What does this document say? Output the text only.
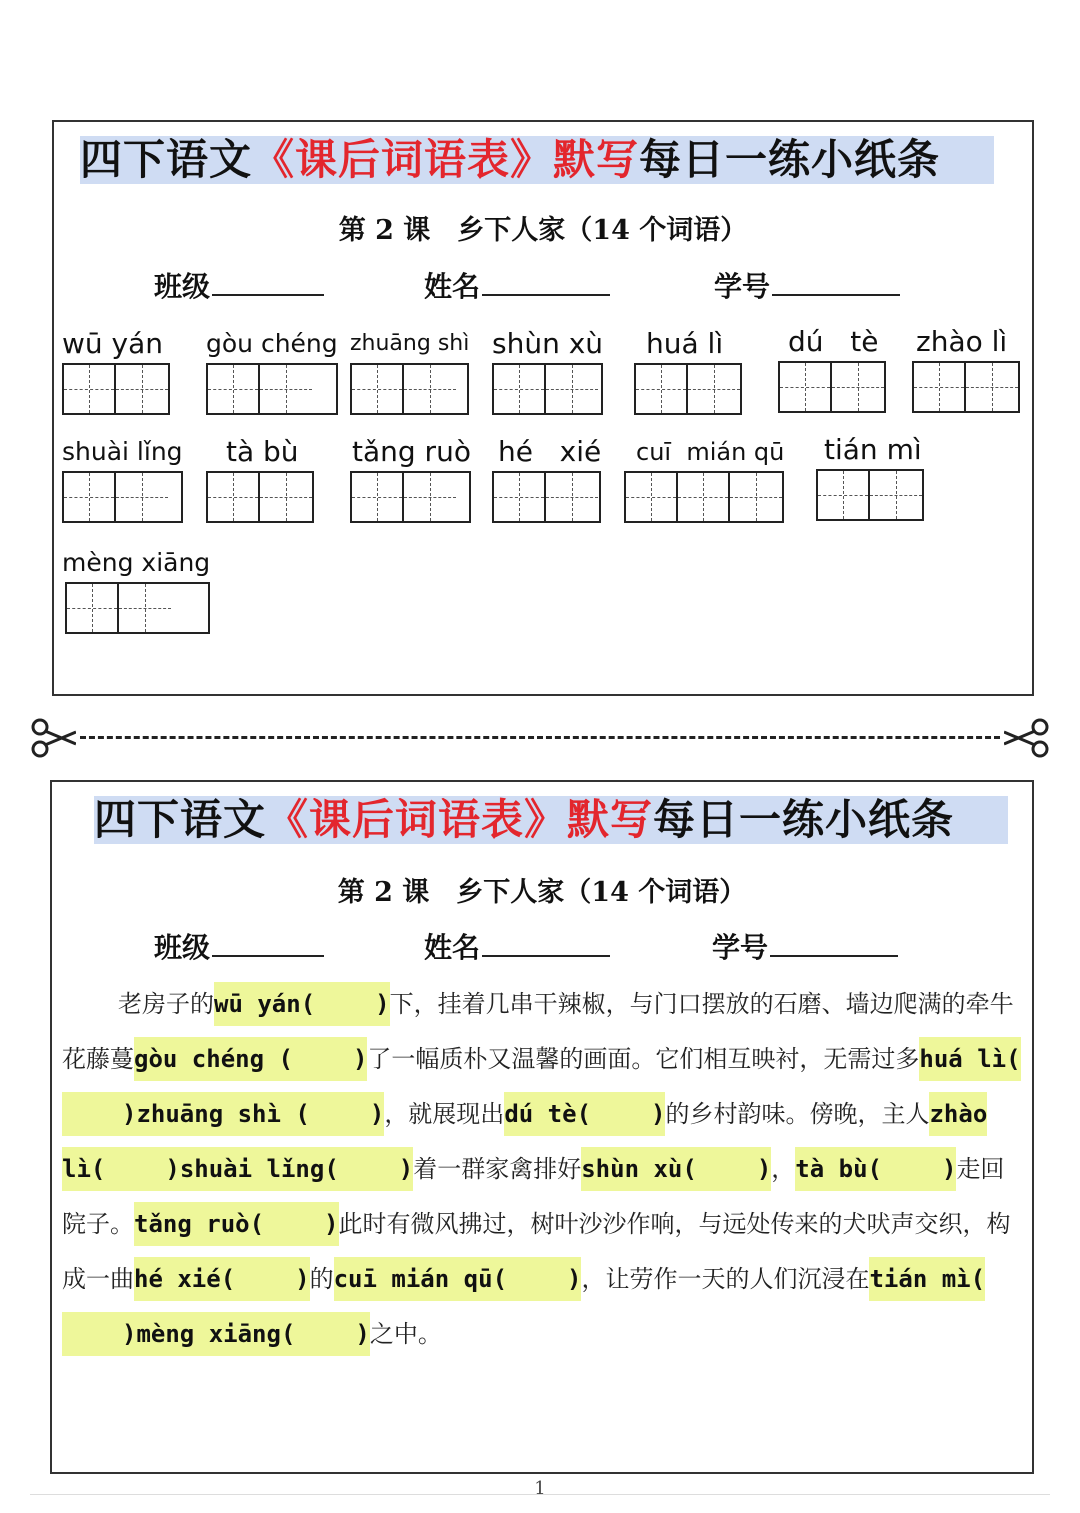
四下语文《课后词语表》默写每日一练小纸条
第 2 课　乡下人家（14 个词语）
班级	姓名	学号
wū yán gòu chéng zhuāng shì shùn xù	huá lì	dú   tè zhào lì
shuài lǐng	tà bù	tǎng ruò hé   xié	cuī  mián qū tián mì
mèng xiāng
四下语文《课后词语表》默写每日一练小纸条
第 2 课　乡下人家（14 个词语）
班级	姓名	学号

老房子的wū yán(	)下，挂着几串干辣椒，与门口摆放的石磨、墙边爬满的牵牛花藤蔓gòu chéng (	)了一幅质朴又温馨的画面。它们相互映衬，无需过多huá lì()zhuāng shì (	)，就展现出dú tè(	)的乡村韵味。傍晚，主人zhào lì(	)shuài lǐng(	)着一群家禽排好shùn xù(	)，tà bù(	)走回院子。tǎng ruò(	)此时有微风拂过，树叶沙沙作响，与远处传来的犬吠声交织，构成一曲hé xié(	)的cuī mián qū(	)，让劳作一天的人们沉浸在tián mì()mèng xiāng(	)之中。

1
